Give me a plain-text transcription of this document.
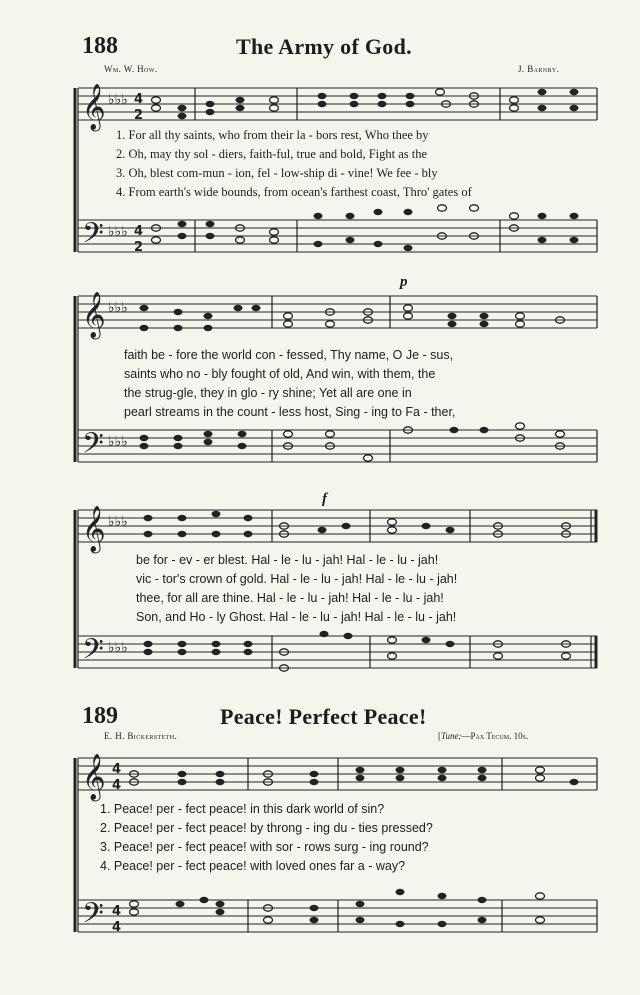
188	The Army of God.
Wm. W. How.	J. Barnby.
𝄞
𝄢
♭♭♭
♭♭♭
4
2
4
2
1. For all thy saints, who from their la - bors rest, Who thee by
2. Oh, may thy sol - diers, faith-ful, true and bold, Fight as the
3. Oh, blest com-mun - ion, fel - low-ship di - vine! We fee - bly
4. From earth's wide bounds, from ocean's farthest coast, Thro' gates of
𝄞
𝄢
♭♭♭
♭♭♭
p
faith be - fore the world con - fessed, Thy name, O Je - sus,
saints who no - bly fought of old, And win, with them, the
the strug-gle, they in glo - ry shine; Yet all are one in
pearl streams in the count - less host, Sing - ing to Fa - ther,
𝄞
𝄢
♭♭♭
♭♭♭
f
be for - ev - er blest. Hal - le - lu - jah! Hal - le - lu - jah!
vic - tor's crown of gold. Hal - le - lu - jah! Hal - le - lu - jah!
thee, for all are thine. Hal - le - lu - jah! Hal - le - lu - jah!
Son, and Ho - ly Ghost. Hal - le - lu - jah! Hal - le - lu - jah!
189	Peace! Perfect Peace!
E. H. Bickersteth.	[Tune:—Pax Tecum. 10s.
𝄞
𝄢
4
4
4
4
1. Peace! per - fect peace! in this dark world of sin?
2. Peace! per - fect peace! by throng - ing du - ties pressed?
3. Peace! per - fect peace! with sor - rows surg - ing round?
4. Peace! per - fect peace! with loved ones far a - way?
